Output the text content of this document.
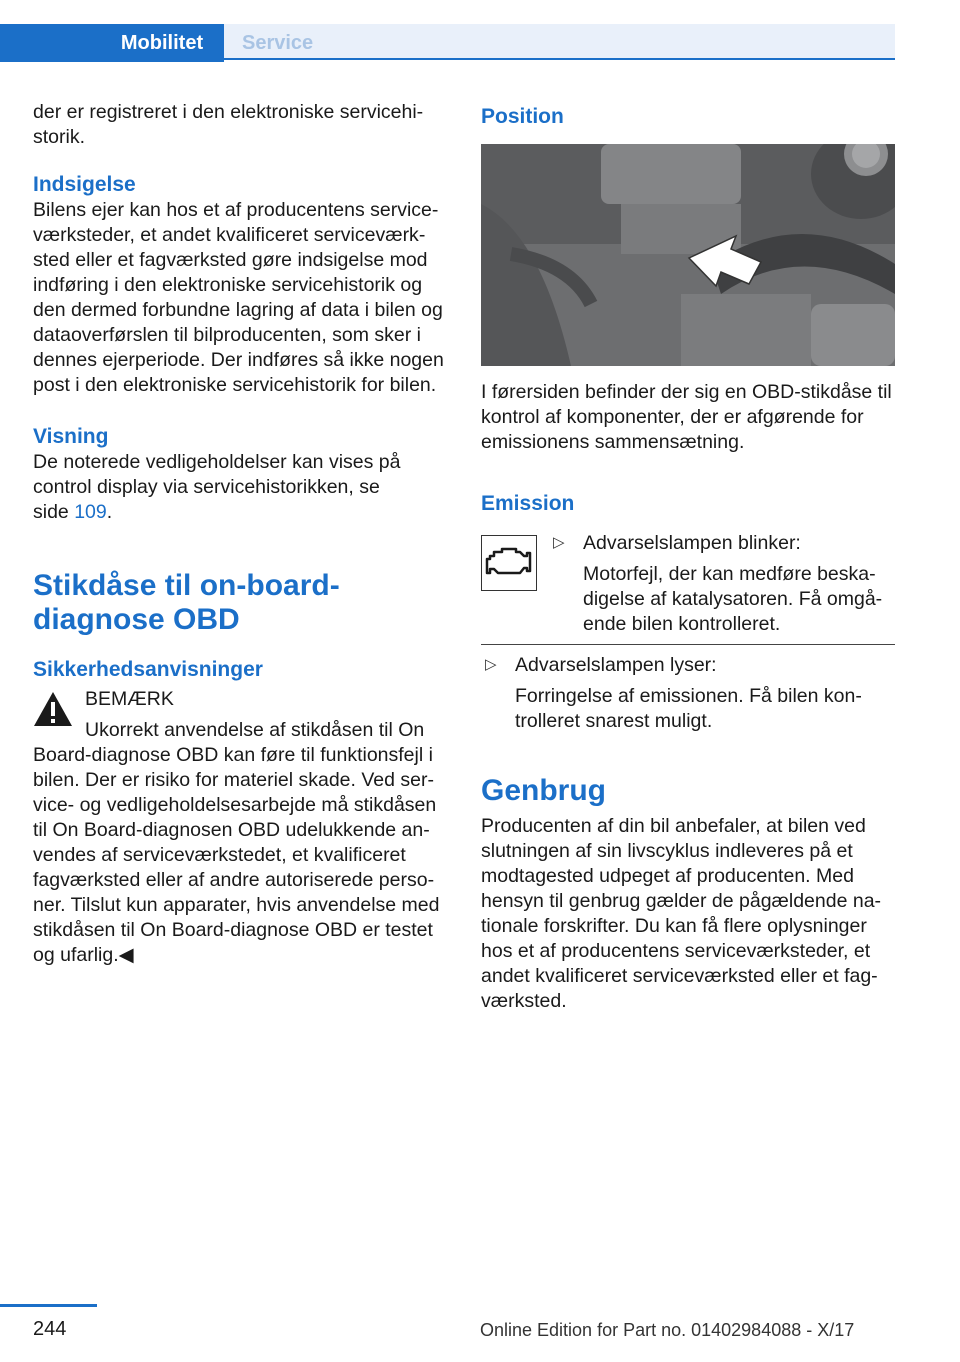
Mobilitet	Service

der er registreret i den elektroniske servicehistorik.

Indsigelse

Bilens ejer kan hos et af producentens serviceværksteder, et andet kvalificeret serviceværksted eller et fagværksted gøre indsigelse mod indføring i den elektroniske servicehistorik og den dermed forbundne lagring af data i bilen og dataoverførslen til bilproducenten, som sker i dennes ejerperiode. Der indføres så ikke nogen post i den elektroniske servicehistorik for bilen.

Visning

De noterede vedligeholdelser kan vises på control display via servicehistorikken, se
side 109.

Stikdåse til on-board-diagnose OBD
Sikkerhedsanvisninger

BEMÆRK

Ukorrekt anvendelse af stikdåsen til On Board-diagnose OBD kan føre til funktionsfejl i bilen. Der er risiko for materiel skade. Ved service- og vedligeholdelsesarbejde må stikdåsen til On Board-diagnosen OBD udelukkende anvendes af serviceværkstedet, et kvalificeret fagværksted eller af andre autoriserede personer. Tilslut kun apparater, hvis anvendelse med stikdåsen til On Board-diagnose OBD er testet og ufarlig.◀

Position

I førersiden befinder der sig en OBD-stikdåse til kontrol af komponenter, der er afgørende for emissionens sammensætning.

Emission
▷ Advarselslampen blinker:

Motorfejl, der kan medføre beskadigelse af katalysatoren. Få omgående bilen kontrolleret.

▷ Advarselslampen lyser:

Forringelse af emissionen. Få bilen kontrolleret snarest muligt.

Genbrug

Producenten af din bil anbefaler, at bilen ved slutningen af sin livscyklus indleveres på et modtagested udpeget af producenten. Med hensyn til genbrug gælder de pågældende nationale forskrifter. Du kan få flere oplysninger hos et af producentens serviceværksteder, et andet kvalificeret serviceværksted eller et fagværksted.

244	Online Edition for Part no. 01402984088 - X/17
